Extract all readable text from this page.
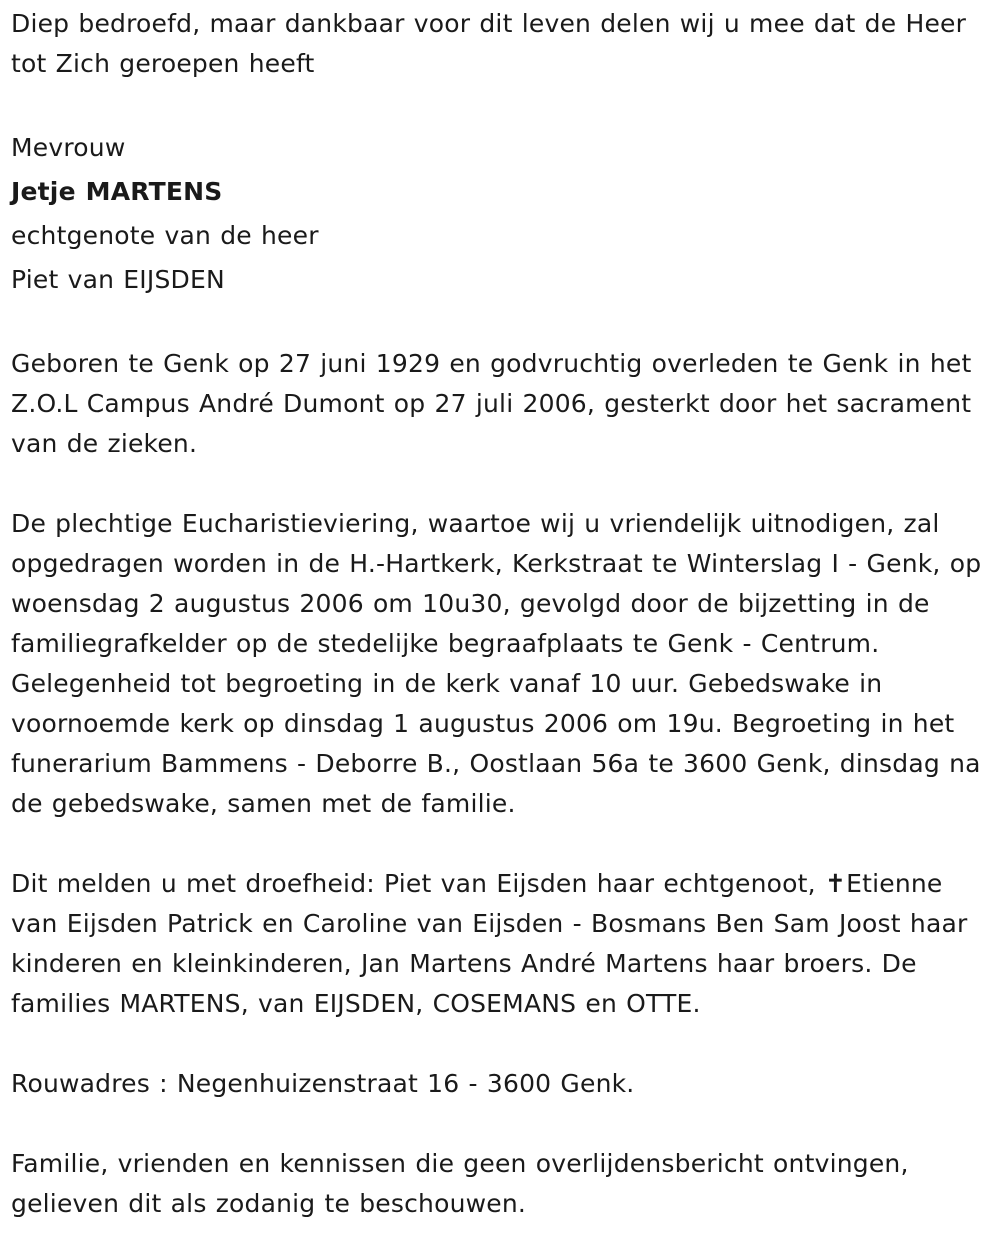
Diep bedroefd, maar dankbaar voor dit leven delen wij u mee dat de Heer tot Zich geroepen heeft

Mevrouw
Jetje MARTENS
echtgenote van de heer
Piet van EIJSDEN

Geboren te Genk op 27 juni 1929 en godvruchtig overleden te Genk in het Z.O.L Campus André Dumont op 27 juli 2006, gesterkt door het sacrament van de zieken.

De plechtige Eucharistieviering, waartoe wij u vriendelijk uitnodigen, zal opgedragen worden in de H.-Hartkerk, Kerkstraat te Winterslag I - Genk, op woensdag 2 augustus 2006 om 10u30, gevolgd door de bijzetting in de familiegrafkelder op de stedelijke begraafplaats te Genk - Centrum. Gelegenheid tot begroeting in de kerk vanaf 10 uur. Gebedswake in voornoemde kerk op dinsdag 1 augustus 2006 om 19u. Begroeting in het funerarium Bammens - Deborre B., Oostlaan 56a te 3600 Genk, dinsdag na de gebedswake, samen met de familie.

Dit melden u met droefheid: Piet van Eijsden haar echtgenoot, ✝Etienne van Eijsden Patrick en Caroline van Eijsden - Bosmans Ben Sam Joost haar kinderen en kleinkinderen, Jan Martens André Martens haar broers. De families MARTENS, van EIJSDEN, COSEMANS en OTTE.

Rouwadres : Negenhuizenstraat 16 - 3600 Genk.

Familie, vrienden en kennissen die geen overlijdensbericht ontvingen, gelieven dit als zodanig te beschouwen.
